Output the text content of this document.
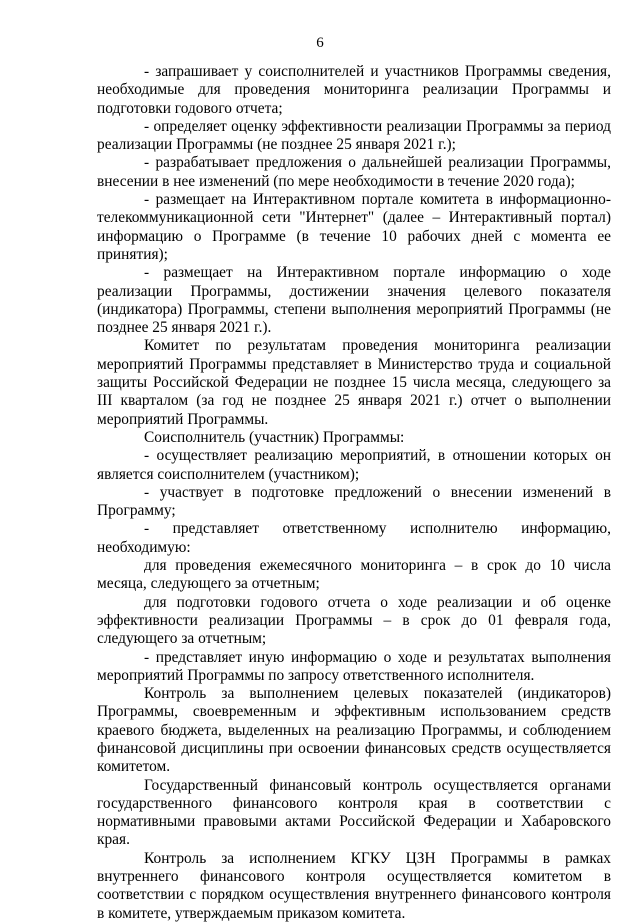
6

- запрашивает у соисполнителей и участников Программы сведения, необходимые для проведения мониторинга реализации Программы и подготовки годового отчета;

- определяет оценку эффективности реализации Программы за период реализации Программы (не позднее 25 января 2021 г.);

- разрабатывает предложения о дальнейшей реализации Программы, внесении в нее изменений (по мере необходимости в течение 2020 года);

- размещает на Интерактивном портале комитета в информационно-телекоммуникационной сети "Интернет" (далее – Интерактивный портал) информацию о Программе (в течение 10 рабочих дней с момента ее принятия);

- размещает на Интерактивном портале информацию о ходе реализации Программы, достижении значения целевого показателя (индикатора) Программы, степени выполнения мероприятий Программы (не позднее 25 января 2021 г.).

Комитет по результатам проведения мониторинга реализации мероприятий Программы представляет в Министерство труда и социальной защиты Российской Федерации не позднее 15 числа месяца, следующего за III кварталом (за год не позднее 25 января 2021 г.) отчет о выполнении мероприятий Программы.

Соисполнитель (участник) Программы:

- осуществляет реализацию мероприятий, в отношении которых он является соисполнителем (участником);

- участвует в подготовке предложений о внесении изменений в Программу;

- представляет ответственному исполнителю информацию, необходимую:

для проведения ежемесячного мониторинга – в срок до 10 числа месяца, следующего за отчетным;

для подготовки годового отчета о ходе реализации и об оценке эффективности реализации Программы – в срок до 01 февраля года, следующего за отчетным;

- представляет иную информацию о ходе и результатах выполнения мероприятий Программы по запросу ответственного исполнителя.

Контроль за выполнением целевых показателей (индикаторов) Программы, своевременным и эффективным использованием средств краевого бюджета, выделенных на реализацию Программы, и соблюдением финансовой дисциплины при освоении финансовых средств осуществляется комитетом.

Государственный финансовый контроль осуществляется органами государственного финансового контроля края в соответствии с нормативными правовыми актами Российской Федерации и Хабаровского края.

Контроль за исполнением КГКУ ЦЗН Программы в рамках внутреннего финансового контроля осуществляется комитетом в соответствии с порядком осуществления внутреннего финансового контроля в комитете, утверждаемым приказом комитета.
